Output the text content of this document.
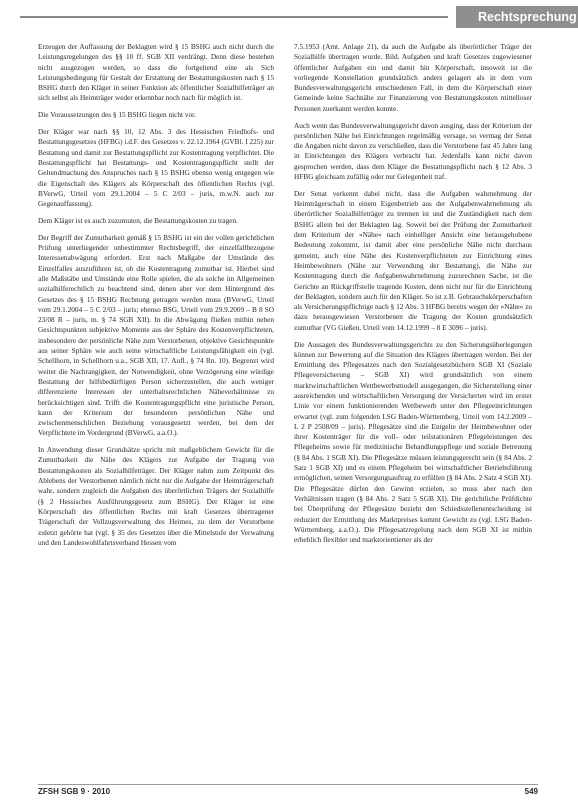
Rechtsprechung

Erzeugen der Auffassung der Beklagten wird § 15 BSHG auch nicht durch die Leistungsregelungen des §§ 10 ff. SGB XII verdrängt. Denn diese bestehen nicht ausgezogen werden, so dass die fortgeltend eine als Sich Leistungsbedingung für Gestalt der Erstattung der Bestattungskosten nach § 15 BSHG durch den Kläger in seiner Funktion als öffentlicher Sozialhilfeträger an sich selbst als Heimträger weder erkennbar noch nach für möglich ist.

Die Voraussetzungen des § 15 BSHG liegen nicht vor.

Der Kläger war nach §§ 10, 12 Abs. 3 des Hessischen Friedhofs- und Bestattungsgesetzes (HFBG) i.d.F. des Gesetzes v. 22.12.1964 (GVBl. I 225) zur Bestattung und damit zur Bestattungspflicht zur Kostentragung verpflichtet. Die Bestattungspflicht hat Bestattungs- und Kostentragungspflicht stellt der Geltendmachung des Anspruches nach § 15 BSHG ebenso wenig entgegen wie die Eigenschaft des Klägers als Körperschaft des öffentlichen Rechts (vgl. BVerwG, Urteil vom 29.1.2004 – 5 C 2/03 – juris, m.w.N. auch zur Gegenauffassung).

Dem Kläger ist es auch zuzumuten, die Bestattungskosten zu tragen.

Der Begriff der Zumutbarkeit gemäß § 15 BSHG ist ein der vollen gerichtlichen Prüfung unterliegender unbestimmter Rechtsbegriff, der einzelfallbezogene Interessenabwägung erfordert. Erst nach Maßgabe der Umstände des Einzelfalles auszuführen ist, ob die Kostentragung zumutbar ist. Hierbei sind alle Maßstäbe und Umstände eine Rolle spielen, die als solche im Allgemeinen sozialhilferechtlich zu beachtend sind, denen aber vor dem Hintergrund des Gesetzes des § 15 BSHG Rechnung getragen werden muss (BVerwG, Urteil vom 29.1.2004 – 5 C 2/03 – juris; ebenso BSG, Urteil vom 29.9.2009 – B 8 SO 23/08 R – juris, m. § 74 SGB XII). In die Abwägung fließen mithin neben Gesichtspunkten subjektive Momente aus der Sphäre des Kostenverpflichteten, insbesondere der persönliche Nähe zum Verstorbenen, objektive Gesichtspunkte aus seiner Sphäre wie auch seine wirtschaftliche Leistungsfähigkeit ein (vgl. Schellhorn, in Schellhorn u.a., SGB XII, 17. Aufl., § 74 Rn. 10). Begrenzt wird weiter die Nachrangigkeit, der Notwendigkeit, ohne Verzögerung eine würdige Bestattung der hilfsbedürftigen Person sicherzustellen, die auch weniger differenzierte Interessen der unterhaltsrechtlichen Näheverhältnisse zu berücksichtigen sind. Trifft die Kostentragungspflicht eine juristische Person, kann der Kriterium der besonderen persönlichen Nähe und zwischenmenschlichen Beziehung vorausgesetzt werden, bei dem der Verpflichtete im Vordergrund (BVerwG, a.a.O.).

In Anwendung dieser Grundsätze spricht mit maßgeblichem Gewicht für die Zumutbarkeit die Nähe des Klägers zur Aufgabe der Tragung von Bestattungskosten als Sozialhilfeträger. Der Kläger nahm zum Zeitpunkt des Ablebens der Verstorbenen nämlich nicht nur die Aufgabe der Heimträgerschaft wahr, sondern zugleich die Aufgaben des überörtlichen Trägers der Sozialhilfe (§ 2 Hessisches Ausführungsgesetz zum BSHG). Der Kläger ist eine Körperschaft des öffentlichen Rechts mit kraft Gesetzes übertragener Trägerschaft der Vollzugsverwaltung des Heimes, zu dem der Verstorbene zuletzt gehörte hat (vgl. § 35 des Gesetzes über die Mittelstufe der Verwaltung und den Landeswohlfahrtsverband Hessen vom

7.5.1953 (Amt. Anlage 21), da auch die Aufgabe als überörtlicher Träger der Sozialhilfe übertragen wurde. Bild. Aufgaben und kraft Gesetzes zugewiesener öffentlicher Aufgaben ein und damit hin Körperschaft, insoweit ist die vorliegende Konstellation grundsätzlich anders gelagert als in dem vom Bundesverwaltungsgericht entschiedenen Fall, in dem die Körperschaft einer Gemeinde keine Sachnähe zur Finanzierung von Bestattungskosten mittelloser Personen zuerkannt werden konnte.

Auch wenn das Bundesverwaltungsgericht davon ausging, dass der Kriterium der persönlichen Nähe bei Einrichtungen regelmäßig versage, so vermag der Senat die Angaben nicht davon zu verschließen, dass die Verstorbene fast 45 Jahre lang in Einrichtungen des Klägers verbracht hat. Jedenfalls kann nicht davon gesprochen werden, dass dem Kläger die Bestattungspflicht nach § 12 Abs. 3 HFBG gleichsam zufällig oder nur Gelegenheit traf.

Der Senat verkennt dabei nicht, dass die Aufgaben wahrnehmung der Heimträgerschaft in einem Eigenbetrieb aus der Aufgabenwahrnehmung als überörtlicher Sozialhilfeträger zu trennen ist und die Zuständigkeit nach dem BSHG allein bei der Beklagten lag. Soweit bei der Prüfung der Zumutbarkeit dem Kriterium der »Nähe« nach einhelliger Ansicht eine herausgehobene Bedeutung zukommt, ist damit aber eine persönliche Nähe nicht durchaus gemeint, auch eine Nähe des Kostenverpflichteten zur Einrichtung eines Heimbewohners (Nähe zur Verwendung der Bestattung), die Nähe zur Kostentragung durch die Aufgabenwahrnehmung zuzurechnen Sache, ist die Gerichte an Rückgriffstelle tragende Kosten, denn nicht nur für die Einrichtung der Beklagten, sondern auch für den Kläger. So ist z.B. Gebrauchskörperschaften als Versicherungspflichtige nach § 12 Abs. 3 HFBG bereits wegen der »Nähe« zu dazu herausgewiesen Verstorbenen die Tragung der Kosten grundsätzlich zumutbar (VG Gießen, Urteil vom 14.12.1999 – 8 E 3096 – juris).

Die Aussagen des Bundesverwaltungsgerichts zu den Sicherungsüberlegungen können zur Bewertung auf die Situation des Klägers übertragen werden. Bei der Ermittlung des Pflegesatzes nach den Sozialgesetzbüchern SGB XI (Soziale Pflegeversicherung – SGB XI) wird grundsätzlich von einem marktwirtschaftlichen Wettbewerbsmodell ausgegangen, die Sicherstellung einer ausreichenden und wirtschaftlichen Versorgung der Versicherten wird im erster Linie vor einem funktionierenden Wettbewerb unter den Pflegeeinrichtungen erwartet (vgl. zum folgenden LSG Baden-Württemberg, Urteil vom 14.2.2009 – L 2 P 2508/09 – juris). Pflegesätze sind die Entgelte der Heimbewohner oder ihrer Kostenträger für die voll- oder teilstationären Pflegeleistungen des Pflegeheims sowie für medizinische Behandlungspflege und soziale Betreuung (§ 84 Abs. 1 SGB XI). Die Pflegesätze müssen leistungsgerecht sein (§ 84 Abs. 2 Satz 1 SGB XI) und es einem Pflegeheim bei wirtschaftlicher Betriebsführung ermöglichen, seinen Versorgungsauftrag zu erfüllen (§ 84 Abs. 2 Satz 4 SGB XI). Die Pflegesätze dürfen den Gewinn erzielen, so muss aber nach den Verhältnissen tragen (§ 84 Abs. 2 Satz 5 SGB XI). Die gerichtliche Prüfdichte bei Überprüfung der Pflegesätze bezieht den Schiedsstellenentscheidung ist reduziert der Ermittlung des Marktpreises kommt Gewicht zu (vgl. LSG Baden-Württemberg, a.a.O.). Die Pflegesatzregelung nach dem SGB XI ist mithin erheblich flexibler und marktorientierter als der

ZFSH SGB 9 · 2010	549
